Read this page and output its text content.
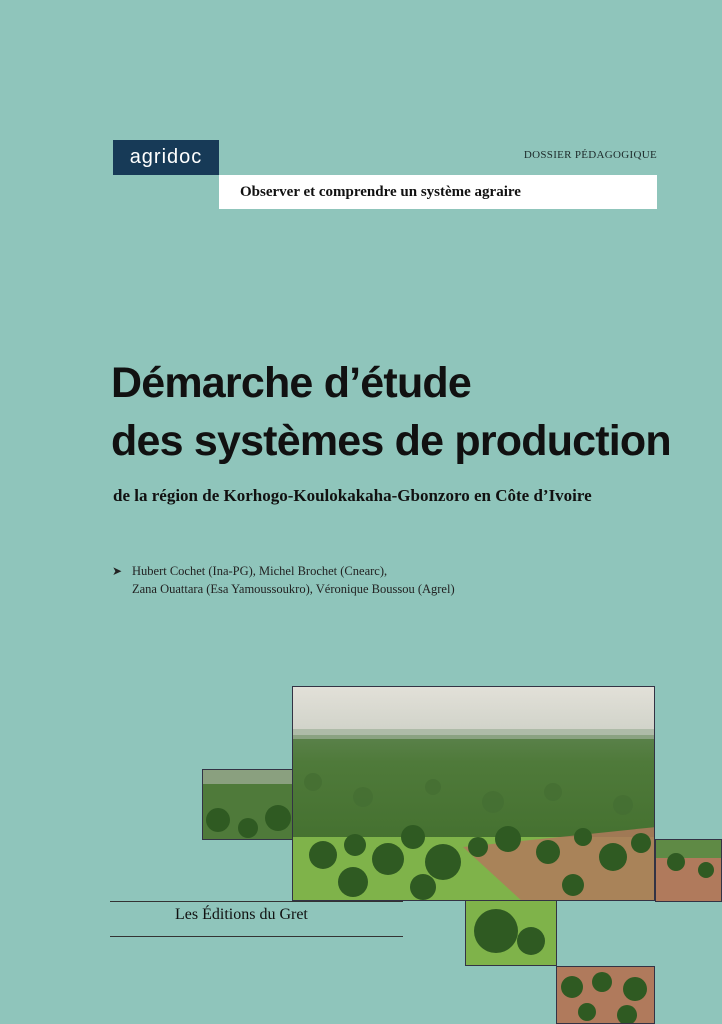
agridoc	DOSSIER PÉDAGOGIQUE
Observer et comprendre un système agraire
Démarche d’étude
des systèmes de production
de la région de Korhogo-Koulokakaha-Gbonzoro en Côte d’Ivoire
➤ Hubert Cochet (Ina-PG), Michel Brochet (Cnearc),
Zana Ouattara (Esa Yamoussoukro), Véronique Boussou (Agrel)
Les Éditions du Gret
